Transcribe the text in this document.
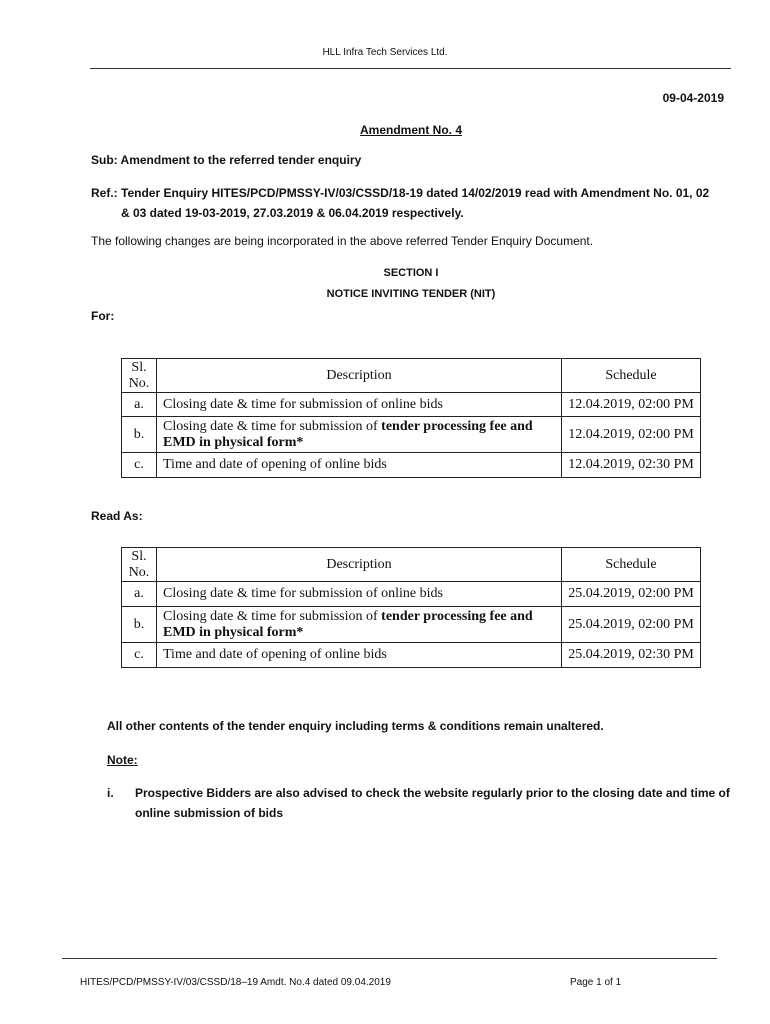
HLL Infra Tech Services Ltd.
09-04-2019
Amendment No. 4
Sub: Amendment to the referred tender enquiry
Ref.: Tender Enquiry HITES/PCD/PMSSY-IV/03/CSSD/18-19 dated 14/02/2019 read with Amendment No. 01, 02
& 03 dated 19-03-2019, 27.03.2019 & 06.04.2019 respectively.
The following changes are being incorporated in the above referred Tender Enquiry Document.
SECTION I
NOTICE INVITING TENDER (NIT)
For:
Sl. No.	Description	Schedule
a.	Closing date & time for submission of online bids	12.04.2019, 02:00 PM
b.	Closing date & time for submission of tender processing fee and EMD in physical form*	12.04.2019, 02:00 PM
c.	Time and date of opening of online bids	12.04.2019, 02:30 PM
Read As:
Sl. No.	Description	Schedule
a.	Closing date & time for submission of online bids	25.04.2019, 02:00 PM
b.	Closing date & time for submission of tender processing fee and EMD in physical form*	25.04.2019, 02:00 PM
c.	Time and date of opening of online bids	25.04.2019, 02:30 PM
All other contents of the tender enquiry including terms & conditions remain unaltered.
Note:
i. Prospective Bidders are also advised to check the website regularly prior to the closing date and time of
online submission of bids
HITES/PCD/PMSSY-IV/03/CSSD/18–19 Amdt. No.4 dated 09.04.2019	Page 1 of 1
